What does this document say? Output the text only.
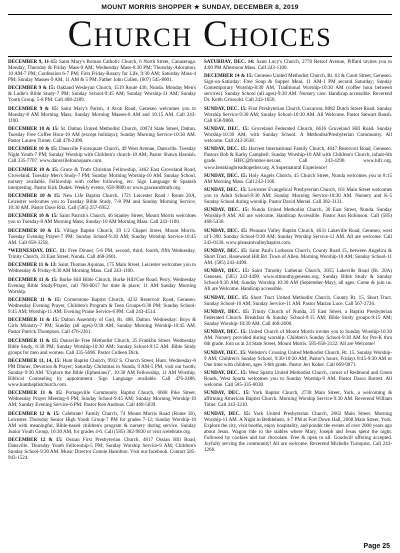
MOUNT MORRIS SHOPPER ★ SUNDAY, DECEMBER 8, 2019
Church Choices

DECEMBER 9, 11-15: Saint Mary's Roman Catholic Church, 6 North Street, Canaseraga. Monday, Thursday & Friday Mass-9 AM; Wednesday Mass-6:30 PM; Thursday-Adoration, 10 AM-7 PM; Confession 6-7 PM; First Friday-Rosary for Life, 9:30 AM; Saturday Mass-4 PM; Sunday Masses-9 AM, 11 AM & 5 PM. Father John Cullen. (607) 545-8601.

DECEMBER 9 & 15: Oakland Wesleyan Church, 1519 Route 436, Nunda. Monday Men's & Ladie's Bible Study-7 PM; Sunday School-9:45 AM; Sunday Worship-11 AM; Sunday Youth Group, 5-8 PM. Call 468-2389.

DECEMBER 9 & 15: Saint Mary's Parish, 4 Avon Road, Geneseo welcomes you to Monday-8 AM Morning Mass; Sunday Morning Masses-8 AM and 10:15 AM. Call 243-1100.

DECEMBER 10 & 15: St. Dalton United Methodist Church, 10074 State Street, Dalton. Tuesday Free Coffee Hour-10 AM (except holidays); Sunday Morning Service-10:30 AM. Pastor Lauren Turner. Call 476-2490.

DECEMBER 10 & 15: Dansville Foursquare Church, 49 West Avenue, Dansville. Tuesday Night Youth-7 PM; Sunday Worship with Children's church-10 AM; Pastor Shawn Harnish. Call 335-7707. www.dansvillefoursquare.com.

DECEMBER 10 & 15: Grace & Truth Christian Fellowship, 3462 East Groveland Road, Groveland. Tuesday Men's Study-7 PM; Sunday Morning Worship-10 AM. Sunday School, nursery available. Fellowship with coffee following, etc. Sign Language & Spanish interpreting. Pastor Kirk Dudek. Weekly events, 658-9880 or www.graceandtruth.org.

DECEMBER 10 & 15: New Life Baptist Church, 1721 Leicester Road / Route 20A, Leicester welcomes you to Tuesday Bible Study, 7-8 PM and Sunday Morning Service, 10:30 AM. Pastor Dave Ritz. Call (585) 257-6952.

DECEMBER 10 & 15: Saint Patrick's Church, 46 Stanley Street, Mount Morris welcomes you to Tuesday-8 AM Morning Mass; Sunday-10 AM Morning Mass. Call 243-1100.

DECEMBER 10 & 15: Village Baptist Church, 39 1/2 Chapel Street, Mount Morris. Tuesday Evening Prayer-7 PM; Sunday School-9:30 AM; Sunday Worship Service-10:45 AM. Call 658-3258.

*WEDNESDAY, DEC. 11: Free Dinner, 5-6 PM, second, third, fourth, fifth Wednesday. Trinity Church, 23 East Street, Nunda. Call 468-2601.

DECEMBER 11 & 13: Saint Thomas Aquinas, 175 Main Street, Leicester welcomes you to Wednesday & Friday-8:30 AM Morning Mass. Call 243-1100.

DECEMBER 11 & 15: Burke Hill Bible Church, Burke Hill/Coe Road, Perry. Wednesday Evening Bible Study/Prayer, call 786-0017 for time & place; 11 AM Sunday Morning Worship.

DECEMBER 11 & 15: Cornerstone Baptist Church, 4232 Reservoir Road, Geneseo. Wednesday Evening Prayer, Children's Program & Teen Groups-6:30 PM; Sunday School-9:45 AM; Worship-11 AM; Evening Praise Service-6 PM. Call 243-4514.

DECEMBER 11 & 15: Dalton Assembly of God, Rt. 408, Dalton. Wednesday: Boys & Girls Ministry-7 PM; Sunday (all ages)-9:30 AM, Sunday Morning Worship-10:45 AM. Pastor Patrick Thompson. Call 476-2361.

DECEMBER 11 & 15: Dansville Free Methodist Church, 25 Franklin Street. Wednesday Bible Study, 6:30 PM; Sunday Worship-10:30 AM; Sunday School-9:15 AM. Bible Study groups for men and women. Call 335-5696. Pastor Colleen Dick.

DECEMBER 11, 14, 15: Hunt Baptist Church, 9932 S. Church Street, Hunt. Wednesday-6 PM Dinner, Devotion & Prayer; Saturday Christmas in Nunda, 9 AM-5 PM, visit our booth; Sunday-9:30 AM "Explore the Bible (Ephesians)", 10:30 AM Fellowship, 11 AM Worship. Biblical Counseling by appointment. Sign Language available. Call 476-2486. www.huntbaptistchurch.com.

DECEMBER 11 & 15: Portageville Community Baptist Church, 6668 Pike Street. Wednesday Prayer Meeting-6 PM; Sunday School-9:45 AM; Sunday Morning Worship-10 AM; Sunday Evening Service-6 PM. Pastor Rob Andreas. Call 468-5039.

DECEMBER 12 & 15: Celebrate! Family Church, 74 Mount Morris Road (Route 36), Leicester. Thursday Senior High Youth Group-7 PM for grades 7-12; Sunday Worship-10 AM with meaningful, Bible-based children's program & nursery during service. Sunday Junior Youth Group, 10:30 AM, for grades 4-6. Call (585) 382-9830 or visit icelebrate.org.

DECEMBER 12 & 15: Ossian First Presbyterian Church, 4817 Ossian Hill Road, Dansville. Thursday Youth Fellowship-5 PM; Sunday Worship Service-9 AM; Children's Sunday School-9:30 AM. Music Director Connie Hamilton. Visit our facebook. Contact 585-943-1524.

SATURDAY, DEC. 14: Saint Lucy's Church, 2770 Retsof Avenue, Piffard invites you to 4:00 PM Afternoon Mass. Call 243-1100.

DECEMBER 14 & 15: Geneseo United Methodist Church, Rt. 63 & Court Street, Geneseo. Sign-on-Saturday: Free Soup & Supper Meal, 11 AM-1 PM second Saturday; Sunday Contemporary Worship-8:30 AM, Traditional Worship-10:30 AM (coffee hour between services). Sunday School (all ages)-9:30 AM. Nursery care. Handicap accessible. Reverend Dr. Keith Griswold. Call 243-1050.

SUNDAY, DEC. 15: First Presbyterian Church Cuscarora, 8082 Dutch Street Road. Sunday Worship Service-9:30 AM; Sunday School-10:30 AM. All Welcome. Pastor Stewart Baush. Call 658-9860.

SUNDAY, DEC. 15: Groveland Federated Church, 6616 Groveland Hill Road. Sunday Worship-10:30 AM, with Sunday School. A Methodist/Presbyterian Community. All welcome. Call 243-2638.

SUNDAY, DEC. 15: Harvest International Family Church, 4647 Reservoir Road, Geneseo. Pastors Bob & Kathy Campbell. Sunday Worship-10 AM with Children's Church, infant-6th grade. HIFC@frontier-net.net. Call 243-4290. www.hifc.org. www.breakingbreadtogether.org. A Supernatural Experience!

SUNDAY, DEC. 15: Holy Angels Church, 45 Church Street, Nunda welcomes you to 8:15 AM Morning Mass. Call 243-1100.

SUNDAY, DEC. 15: Leicester Evangelical Presbyterian Church, 161 Main Street welcomes you to Adult School-9:30 AM; Sunday Morning Service-10:30 AM. Nursery and K-5 Sunday School during worship. Pastor David Mersel. Call 382-3131.

SUNDAY, DEC. 15: Nunda United Methodist Church, 30 East Street, Nunda. Sunday Worship-9 AM. All are welcome. Handicap Accessible. Pastor Ann Robinson. Call (585) 468-5436.

SUNDAY, DEC. 15: Pleasant Valley Baptist Church, 4631 Lakeville Road, Geneseo, west of I-390. Sunday School-9:30 AM; Sunday Worship Service-11 AM. All are welcome. Call 243-0130. www.pleasantvalleybaptist.com.

SUNDAY, DEC. 15: Saint Paul's Lutheran Church, County Road 15, between Angelica & Short Tract. Rosewood Hill Rd. Town of Allen. Morning Worship-10 AM; Sunday School-11 AM. (585) 243-4490.

SUNDAY, DEC. 15: Saint Timothy Lutheran Church, 3055 Lakeville Road (Rt. 20A) Geneseo, (585) 243-4490. www.sttimothygeneseo.org. Sunday Bible Study & Sunday School-9:30 AM; Sunday Worship 10:30 AM (September-May), all ages. Come & join us. All are Welcome. Handicap accessible.

SUNDAY, DEC. 15: Short Tract United Methodist Church, County Rt. 15, Short Tract. Sunday School-10 AM; Sunday Service-11 AM. Pastor Marian Luce. Call 567-2726.

SUNDAY, DEC. 15: Trinity Church of Nunda, 25 East Street, a Baptist Presbyterian Federated Church. Breakfast & Sunday School-9:15 AM; Bible Study groups-9:15 AM; Sunday Worship-10:30 AM. Call 468-2600.

SUNDAY, DEC. 15: United Church of Mount Morris invites you to Sunday Worship-10:30 AM. Nursery provided during worship. Children's Sunday School-9:30 AM for Pre-K thru 6th grade. Join us at 24 State Street, Mount Morris. 585-658-2122. All are Welcome!

SUNDAY, DEC. 15: Webster's Crossing United Methodist Church, Rt. 15. Sunday Worship-9 AM; Children's Sunday School, 9:30-10:30 AM; Pastor's hours, Fridays 8:45-9:30 AM or One time with children, ages 3-6th grade. Pastor Jeri Kober. Call 669-9071.

SUNDAY, DEC. 15: West Sparta United Methodist Church, corner of Redmond and Green Roads, West Sparta welcomes you to Sunday Worship-9 AM. Pastor Dawn Barrett. All welcome. Call 585-335-8030.

SUNDAY, DEC. 15: York Baptist Church, 2738 Main Street, York, a welcoming & affirming American Baptist Church. Morning Worship Service-9:30 AM. Reverend William Tober. Call 243-3210.

SUNDAY, DEC. 15: York United Presbyterian Church, 2662 Main Street. Morning Worship-11 AM. A Night in Bethlehem, 4-7 PM at Fort Down Hall, 2668 Main Street, York. Explore the city, visit booths, enjoy hospitality, and ponder the events of over 2000 years ago about Jesus. Wagon ride to the stables where Mary, Joseph and Jesus spent the night. Followed by cookies and hot chocolate. Free & open to all. Goodwill offering accepted. Joyfully serving the community! All are welcome. Reverend Michelle Turnquist. Call 243-1266.

Page 25
